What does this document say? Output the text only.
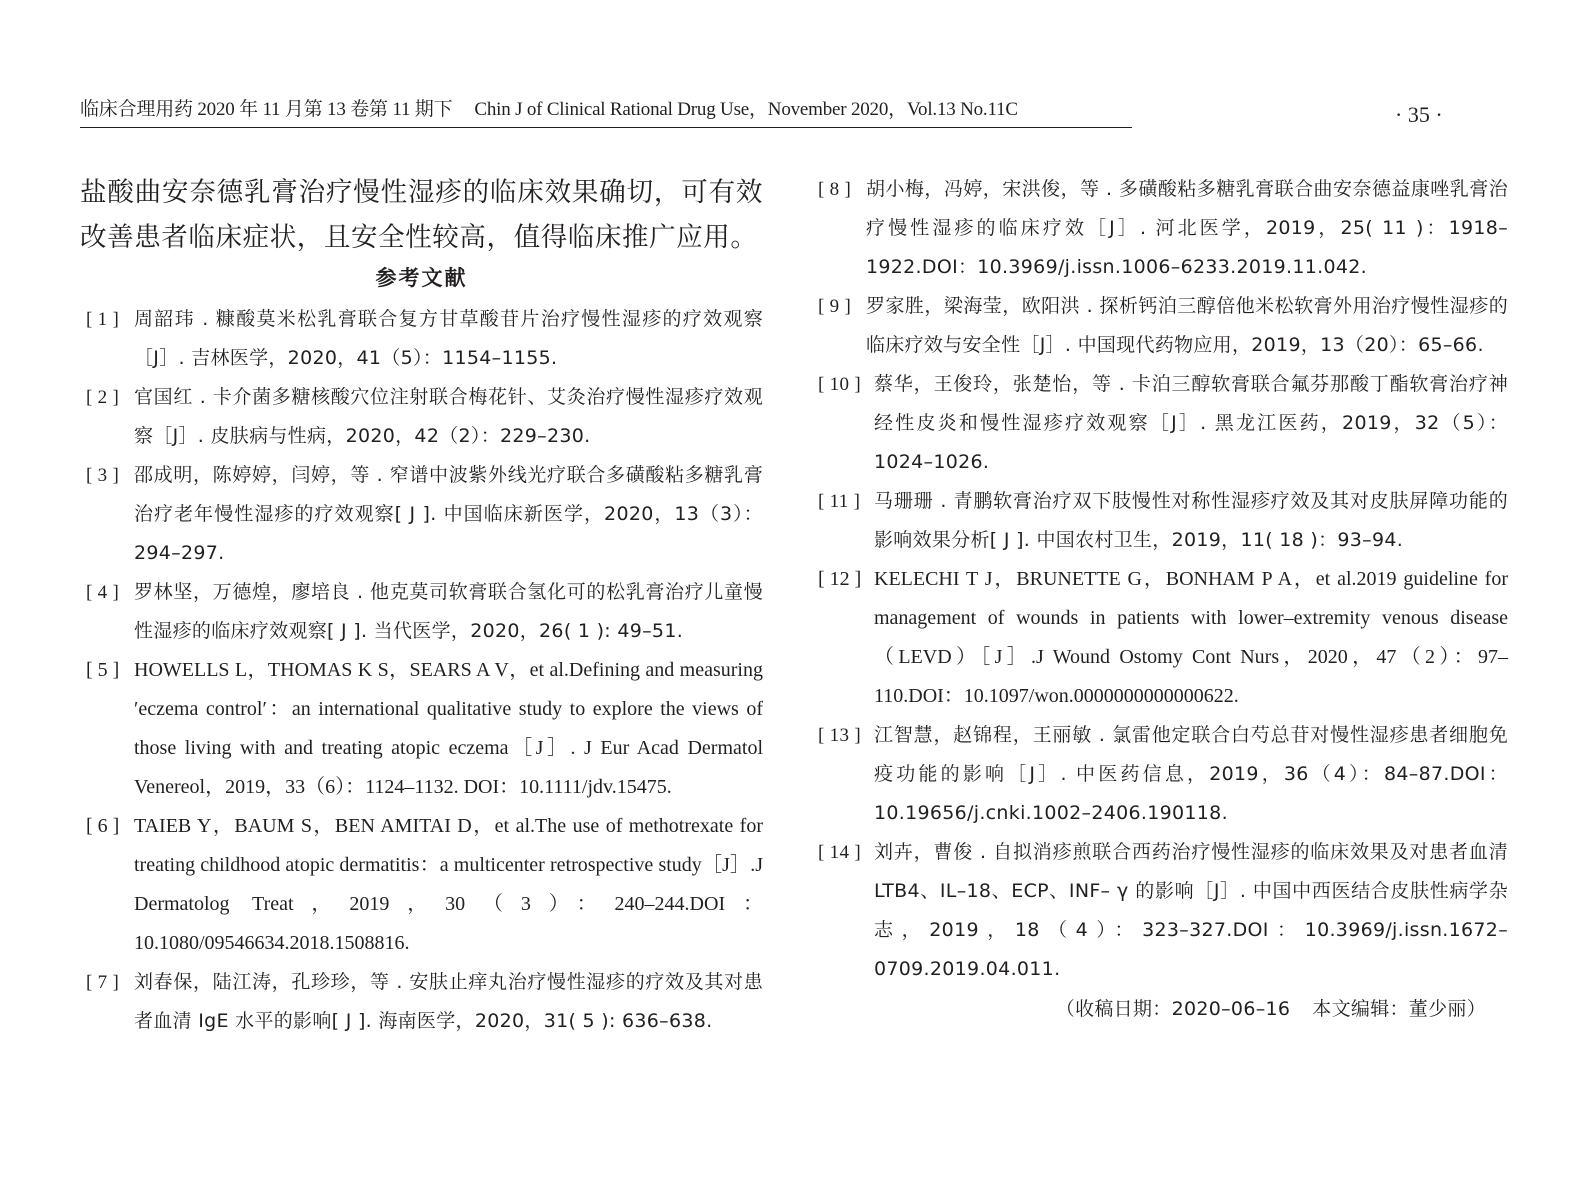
临床合理用药 2020 年 11 月第 13 卷第 11 期下 Chin J of Clinical Rational Drug Use，November 2020，Vol.13 No.11C	· 35 ·

盐酸曲安奈德乳膏治疗慢性湿疹的临床效果确切，可有效改善患者临床症状，且安全性较高，值得临床推广应用。

参考文献
[ 1 ] 周韶玮 . 糠酸莫米松乳膏联合复方甘草酸苷片治疗慢性湿疹的疗效观察［J］. 吉林医学，2020，41（5）：1154–1155.
[ 2 ] 官国红 . 卡介菌多糖核酸穴位注射联合梅花针、艾灸治疗慢性湿疹疗效观察［J］. 皮肤病与性病，2020，42（2）：229–230.
[ 3 ] 邵成明，陈婷婷，闫婷，等 . 窄谱中波紫外线光疗联合多磺酸粘多糖乳膏治疗老年慢性湿疹的疗效观察[ J ]. 中国临床新医学，2020，13（3）：294–297.
[ 4 ] 罗林坚，万德煌，廖培良 . 他克莫司软膏联合氢化可的松乳膏治疗儿童慢性湿疹的临床疗效观察[ J ]. 当代医学，2020，26( 1 ): 49–51.
[ 5 ] HOWELLS L，THOMAS K S，SEARS A V，et al.Defining and measuring ′eczema control′：an international qualitative study to explore the views of those living with and treating atopic eczema［J］. J Eur Acad Dermatol Venereol，2019，33（6）：1124–1132. DOI：10.1111/jdv.15475.
[ 6 ] TAIEB Y，BAUM S，BEN AMITAI D，et al.The use of methotrexate for treating childhood atopic dermatitis：a multicenter retrospective study［J］.J Dermatolog Treat，2019，30（3）：240–244.DOI：10.1080/09546634.2018.1508816.
[ 7 ] 刘春保，陆江涛，孔珍珍，等 . 安肤止痒丸治疗慢性湿疹的疗效及其对患者血清 IgE 水平的影响[ J ]. 海南医学，2020，31( 5 ): 636–638.
[ 8 ] 胡小梅，冯婷，宋洪俊，等 . 多磺酸粘多糖乳膏联合曲安奈德益康唑乳膏治疗慢性湿疹的临床疗效［J］. 河北医学，2019，25( 11 )：1918–1922.DOI：10.3969/j.issn.1006–6233.2019.11.042.
[ 9 ] 罗家胜，梁海莹，欧阳洪 . 探析钙泊三醇倍他米松软膏外用治疗慢性湿疹的临床疗效与安全性［J］. 中国现代药物应用，2019，13（20）：65–66.
[ 10 ] 蔡华，王俊玲，张楚怡，等 . 卡泊三醇软膏联合氟芬那酸丁酯软膏治疗神经性皮炎和慢性湿疹疗效观察［J］. 黑龙江医药，2019，32（5）：1024–1026.
[ 11 ] 马珊珊 . 青鹏软膏治疗双下肢慢性对称性湿疹疗效及其对皮肤屏障功能的影响效果分析[ J ]. 中国农村卫生，2019，11( 18 )：93–94.
[ 12 ] KELECHI T J，BRUNETTE G，BONHAM P A，et al.2019 guideline for management of wounds in patients with lower–extremity venous disease （LEVD）［J］.J Wound Ostomy Cont Nurs，2020，47（2）：97–110.DOI：10.1097/won.0000000000000622.
[ 13 ] 江智慧，赵锦程，王丽敏 . 氯雷他定联合白芍总苷对慢性湿疹患者细胞免疫功能的影响［J］. 中医药信息，2019，36（4）：84–87.DOI：10.19656/j.cnki.1002–2406.190118.
[ 14 ] 刘卉，曹俊 . 自拟消疹煎联合西药治疗慢性湿疹的临床效果及对患者血清 LTB4、IL–18、ECP、INF– γ 的影响［J］. 中国中西医结合皮肤性病学杂志，2019，18（4）：323–327.DOI：10.3969/j.issn.1672–0709.2019.04.011.
（收稿日期：2020–06–16 本文编辑：董少丽）
